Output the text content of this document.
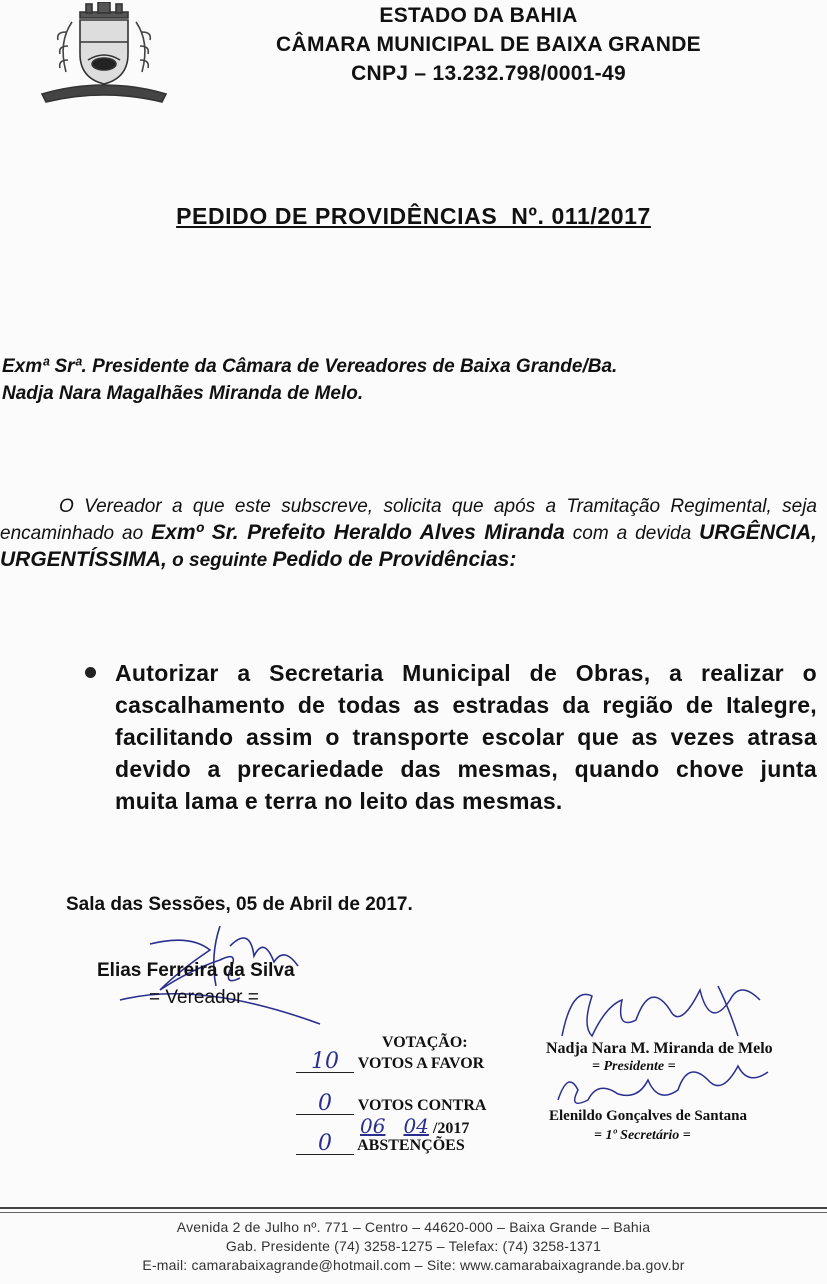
ESTADO DA BAHIA
CÂMARA MUNICIPAL DE BAIXA GRANDE
CNPJ – 13.232.798/0001-49
PEDIDO DE PROVIDÊNCIAS  Nº. 011/2017
Exmª Srª. Presidente da Câmara de Vereadores de Baixa Grande/Ba.
Nadja Nara Magalhães Miranda de Melo.
O Vereador a que este subscreve, solicita que após a Tramitação Regimental, seja encaminhado ao Exmº Sr. Prefeito Heraldo Alves Miranda com a devida URGÊNCIA, URGENTÍSSIMA, o seguinte Pedido de Providências:
Autorizar a Secretaria Municipal de Obras, a realizar o cascalhamento de todas as estradas da região de Italegre, facilitando assim o transporte escolar que as vezes atrasa devido a precariedade das mesmas, quando chove junta muita lama e terra no leito das mesmas.
Sala das Sessões, 05 de Abril de 2017.
Elias Ferreira da Silva
= Vereador =
VOTAÇÃO:
10 VOTOS A FAVOR
0 VOTOS CONTRA
06 04 /2017
0 ABSTENÇÕES
Nadja Nara M. Miranda de Melo
= Presidente =
Elenildo Gonçalves de Santana
= 1º Secretário =
Avenida 2 de Julho nº. 771 – Centro – 44620-000 – Baixa Grande – Bahia
Gab. Presidente (74) 3258-1275 – Telefax: (74) 3258-1371
E-mail: camarabaixagrande@hotmail.com – Site: www.camarabaixagrande.ba.gov.br
